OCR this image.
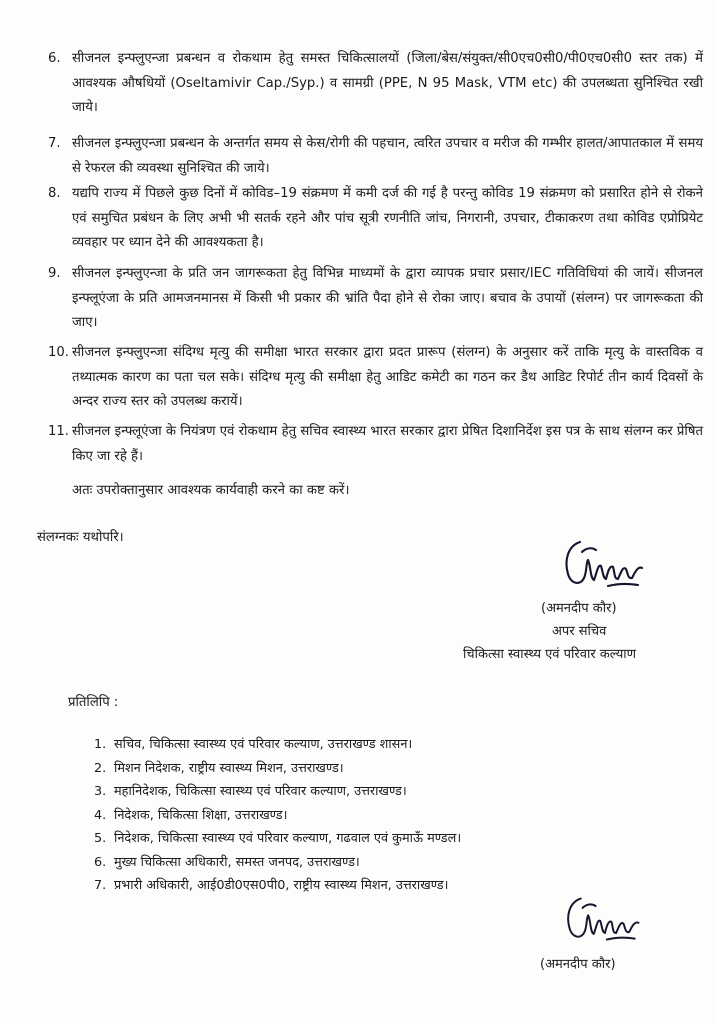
6. सीजनल इन्फ्लुएन्जा प्रबन्धन व रोकथाम हेतु समस्त चिकित्सालयों (जिला/बेस/संयुक्त/सी0एच0सी0/पी0एच0सी0 स्तर तक) में आवश्यक औषधियों (Oseltamivir Cap./Syp.) व सामग्री (PPE, N 95 Mask, VTM etc) की उपलब्धता सुनिश्चित रखी जाये।
7. सीजनल इन्फ्लुएन्जा प्रबन्धन के अन्तर्गत समय से केस/रोगी की पहचान, त्वरित उपचार व मरीज की गम्भीर हालत/आपातकाल में समय से रेफरल की व्यवस्था सुनिश्चित की जाये।
8. यद्यपि राज्य में पिछले कुछ दिनों में कोविड–19 संक्रमण में कमी दर्ज की गई है परन्तु कोविड 19 संक्रमण को प्रसारित होने से रोकने एवं समुचित प्रबंधन के लिए अभी भी सतर्क रहने और पांच सूत्री रणनीति जांच, निगरानी, उपचार, टीकाकरण तथा कोविड एप्रोप्रियेट व्यवहार पर ध्यान देने की आवश्यकता है।
9. सीजनल इन्फ्लुएन्जा के प्रति जन जागरूकता हेतु विभिन्न माध्यमों के द्वारा व्यापक प्रचार प्रसार/IEC गतिविधियां की जायें। सीजनल इन्फ्लूएंजा के प्रति आमजनमानस में किसी भी प्रकार की भ्रांति पैदा होने से रोका जाए। बचाव के उपायों (संलग्न) पर जागरूकता की जाए।
10. सीजनल इन्फ्लुएन्जा संदिग्ध मृत्यु की समीक्षा भारत सरकार द्वारा प्रदत प्रारूप (संलग्न) के अनुसार करें ताकि मृत्यु के वास्तविक व तथ्यात्मक कारण का पता चल सके। संदिग्ध मृत्यु की समीक्षा हेतु आडिट कमेटी का गठन कर डैथ आडिट रिपोर्ट तीन कार्य दिवसों के अन्दर राज्य स्तर को उपलब्ध करायें।
11. सीजनल इन्फ्लूएंजा के नियंत्रण एवं रोकथाम हेतु सचिव स्वास्थ्य भारत सरकार द्वारा प्रेषित दिशानिर्देश इस पत्र के साथ संलग्न कर प्रेषित किए जा रहे हैं।
अतः उपरोक्तानुसार आवश्यक कार्यवाही करने का कष्ट करें।
संलग्नकः यथोपरि।
(अमनदीप कौर)
अपर सचिव
चिकित्सा स्वास्थ्य एवं परिवार कल्याण
प्रतिलिपि :
1. सचिव, चिकित्सा स्वास्थ्य एवं परिवार कल्याण, उत्तराखण्ड शासन।
2. मिशन निदेशक, राष्ट्रीय स्वास्थ्य मिशन, उत्तराखण्ड।
3. महानिदेशक, चिकित्सा स्वास्थ्य एवं परिवार कल्याण, उत्तराखण्ड।
4. निदेशक, चिकित्सा शिक्षा, उत्तराखण्ड।
5. निदेशक, चिकित्सा स्वास्थ्य एवं परिवार कल्याण, गढवाल एवं कुमाऊँ मण्डल।
6. मुख्य चिकित्सा अधिकारी, समस्त जनपद, उत्तराखण्ड।
7. प्रभारी अधिकारी, आई0डी0एस0पी0, राष्ट्रीय स्वास्थ्य मिशन, उत्तराखण्ड।
(अमनदीप कौर)
